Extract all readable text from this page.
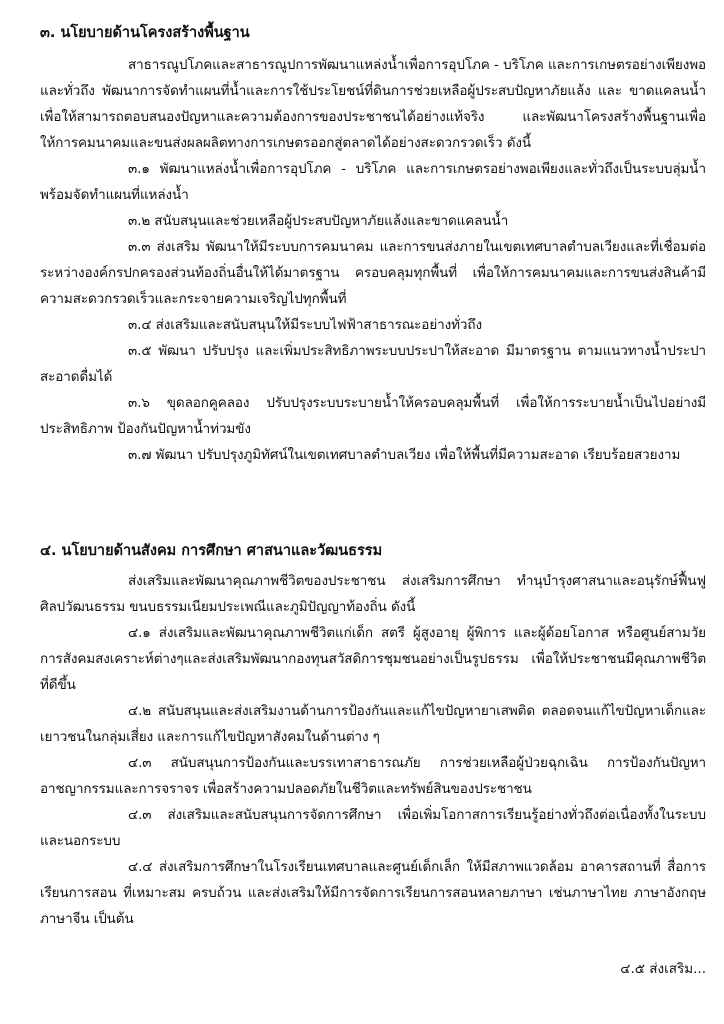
๓. นโยบายด้านโครงสร้างพื้นฐาน

สาธารณูปโภคและสาธารณูปการพัฒนาแหล่งน้ำเพื่อการอุปโภค - บริโภค และการเกษตรอย่างเพียงพอและทั่วถึง พัฒนาการจัดทำแผนที่น้ำและการใช้ประโยชน์ที่ดินการช่วยเหลือผู้ประสบปัญหาภัยแล้ง และ ขาดแคลนน้ำ เพื่อให้สามารถตอบสนองปัญหาและความต้องการของประชาชนได้อย่างแท้จริง และพัฒนาโครงสร้างพื้นฐานเพื่อให้การคมนาคมและขนส่งผลผลิตทางการเกษตรออกสู่ตลาดได้อย่างสะดวกรวดเร็ว ดังนี้

๓.๑ พัฒนาแหล่งน้ำเพื่อการอุปโภค - บริโภค และการเกษตรอย่างพอเพียงและทั่วถึงเป็นระบบลุ่มน้ำ พร้อมจัดทำแผนที่แหล่งน้ำ

๓.๒ สนับสนุนและช่วยเหลือผู้ประสบปัญหาภัยแล้งและขาดแคลนน้ำ

๓.๓ ส่งเสริม พัฒนาให้มีระบบการคมนาคม และการขนส่งภายในเขตเทศบาลตำบลเวียงและที่เชื่อมต่อระหว่างองค์กรปกครองส่วนท้องถิ่นอื่นให้ได้มาตรฐาน ครอบคลุมทุกพื้นที่ เพื่อให้การคมนาคมและการขนส่งสินค้ามีความสะดวกรวดเร็วและกระจายความเจริญไปทุกพื้นที่

๓.๔ ส่งเสริมและสนับสนุนให้มีระบบไฟฟ้าสาธารณะอย่างทั่วถึง

๓.๕ พัฒนา ปรับปรุง และเพิ่มประสิทธิภาพระบบประปาให้สะอาด มีมาตรฐาน ตามแนวทางน้ำประปาสะอาดดื่มได้

๓.๖ ขุดลอกคูคลอง ปรับปรุงระบบระบายน้ำให้ครอบคลุมพื้นที่ เพื่อให้การระบายน้ำเป็นไปอย่างมีประสิทธิภาพ ป้องกันปัญหาน้ำท่วมขัง

๓.๗ พัฒนา ปรับปรุงภูมิทัศน์ในเขตเทศบาลตำบลเวียง เพื่อให้พื้นที่มีความสะอาด เรียบร้อยสวยงาม

๔. นโยบายด้านสังคม การศึกษา ศาสนาและวัฒนธรรม

ส่งเสริมและพัฒนาคุณภาพชีวิตของประชาชน ส่งเสริมการศึกษา ทำนุบำรุงศาสนาและอนุรักษ์ฟื้นฟู ศิลปวัฒนธรรม ขนบธรรมเนียมประเพณีและภูมิปัญญาท้องถิ่น ดังนี้

๔.๑ ส่งเสริมและพัฒนาคุณภาพชีวิตแก่เด็ก สตรี ผู้สูงอายุ ผู้พิการ และผู้ด้อยโอกาส หรือศูนย์สามวัย การสังคมสงเคราะห์ต่างๆและส่งเสริมพัฒนากองทุนสวัสดิการชุมชนอย่างเป็นรูปธรรม เพื่อให้ประชาชนมีคุณภาพชีวิตที่ดีขึ้น

๔.๒ สนับสนุนและส่งเสริมงานด้านการป้องกันและแก้ไขปัญหายาเสพติด ตลอดจนแก้ไขปัญหาเด็กและเยาวชนในกลุ่มเสี่ยง และการแก้ไขปัญหาสังคมในด้านต่าง ๆ

๔.๓ สนับสนุนการป้องกันและบรรเทาสาธารณภัย การช่วยเหลือผู้ป่วยฉุกเฉิน การป้องกันปัญหาอาชญากรรมและการจราจร เพื่อสร้างความปลอดภัยในชีวิตและทรัพย์สินของประชาชน

๔.๓ ส่งเสริมและสนับสนุนการจัดการศึกษา เพื่อเพิ่มโอกาสการเรียนรู้อย่างทั่วถึงต่อเนื่องทั้งในระบบและนอกระบบ

๔.๔ ส่งเสริมการศึกษาในโรงเรียนเทศบาลและศูนย์เด็กเล็ก ให้มีสภาพแวดล้อม อาคารสถานที่ สื่อการเรียนการสอน ที่เหมาะสม ครบถ้วน และส่งเสริมให้มีการจัดการเรียนการสอนหลายภาษา เช่นภาษาไทย ภาษาอังกฤษ ภาษาจีน เป็นต้น

๔.๕ ส่งเสริม...
